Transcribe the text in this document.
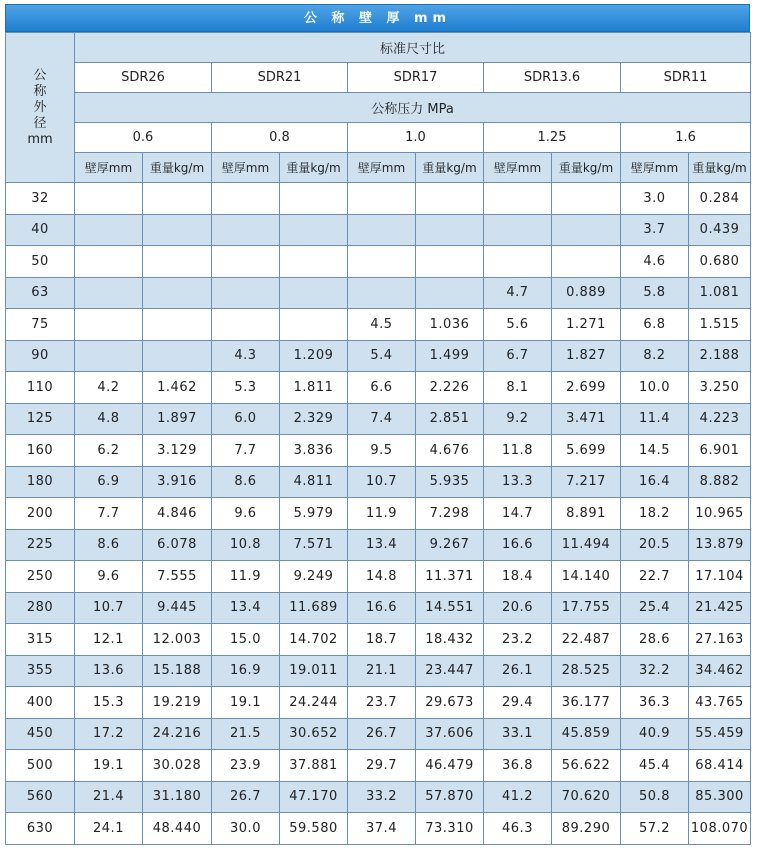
公 称 壁 厚 mm
公
称
外
径
mm	标准尺寸比									
	SDR26		SDR21		SDR17		SDR13.6		SDR11	
	公称压力 MPa									
	0.6		0.8		1.0		1.25		1.6	
	壁厚mm	重量kg/m	壁厚mm	重量kg/m	壁厚mm	重量kg/m	壁厚mm	重量kg/m	壁厚mm	重量kg/m
32									3.0	0.284
40									3.7	0.439
50									4.6	0.680
63							4.7	0.889	5.8	1.081
75					4.5	1.036	5.6	1.271	6.8	1.515
90			4.3	1.209	5.4	1.499	6.7	1.827	8.2	2.188
110	4.2	1.462	5.3	1.811	6.6	2.226	8.1	2.699	10.0	3.250
125	4.8	1.897	6.0	2.329	7.4	2.851	9.2	3.471	11.4	4.223
160	6.2	3.129	7.7	3.836	9.5	4.676	11.8	5.699	14.5	6.901
180	6.9	3.916	8.6	4.811	10.7	5.935	13.3	7.217	16.4	8.882
200	7.7	4.846	9.6	5.979	11.9	7.298	14.7	8.891	18.2	10.965
225	8.6	6.078	10.8	7.571	13.4	9.267	16.6	11.494	20.5	13.879
250	9.6	7.555	11.9	9.249	14.8	11.371	18.4	14.140	22.7	17.104
280	10.7	9.445	13.4	11.689	16.6	14.551	20.6	17.755	25.4	21.425
315	12.1	12.003	15.0	14.702	18.7	18.432	23.2	22.487	28.6	27.163
355	13.6	15.188	16.9	19.011	21.1	23.447	26.1	28.525	32.2	34.462
400	15.3	19.219	19.1	24.244	23.7	29.673	29.4	36.177	36.3	43.765
450	17.2	24.216	21.5	30.652	26.7	37.606	33.1	45.859	40.9	55.459
500	19.1	30.028	23.9	37.881	29.7	46.479	36.8	56.622	45.4	68.414
560	21.4	31.180	26.7	47.170	33.2	57.870	41.2	70.620	50.8	85.300
630	24.1	48.440	30.0	59.580	37.4	73.310	46.3	89.290	57.2	108.070
